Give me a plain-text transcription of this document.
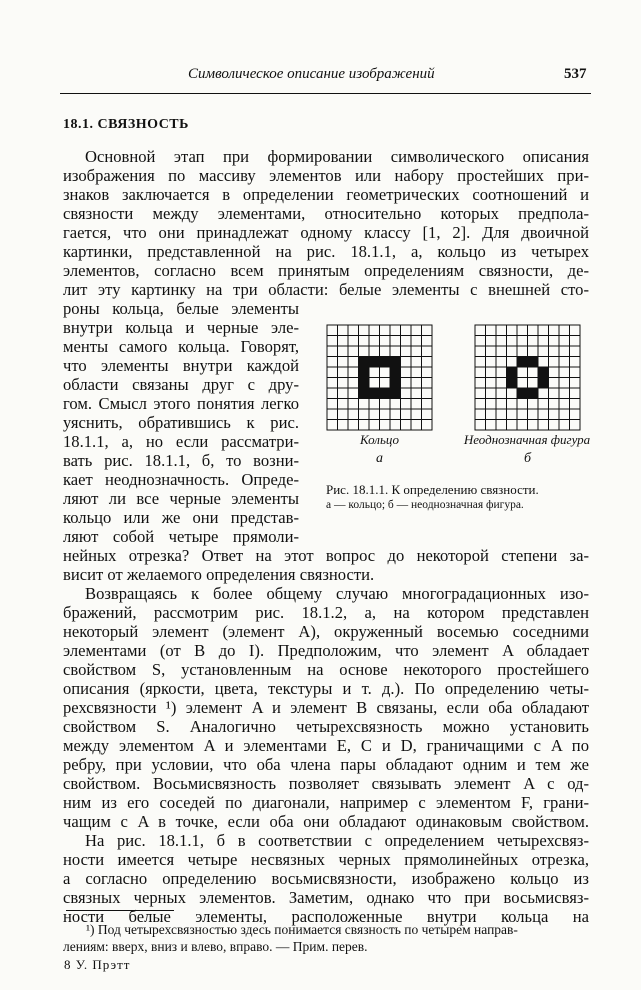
Символическое описание изображений	537
18.1. СВЯЗНОСТЬ
Основной этап при формировании символического описания
изображения по массиву элементов или набору простейших при-
знаков заключается в определении геометрических соотношений и
связности между элементами, относительно которых предпола-
гается, что они принадлежат одному классу [1, 2]. Для двоичной
картинки, представленной на рис. 18.1.1, а, кольцо из четырех
элементов, согласно всем принятым определениям связности, де-
лит эту картинку на три области: белые элементы с внешней сто-
роны кольца, белые элементы
внутри кольца и черные эле-
менты самого кольца. Говорят,
что элементы внутри каждой
области связаны друг с дру-
гом. Смысл этого понятия легко
уяснить, обратившись к рис.
18.1.1, а, но если рассматри-
вать рис. 18.1.1, б, то возни-
кает неоднозначность. Опреде-
ляют ли все черные элементы
кольцо или же они представ-
ляют собой четыре прямоли-
нейных отрезка? Ответ на этот вопрос до некоторой степени за-
висит от желаемого определения связности.
Возвращаясь к более общему случаю многоградационных изо-
бражений, рассмотрим рис. 18.1.2, а, на котором представлен
некоторый элемент (элемент A), окруженный восемью соседними
элементами (от B до I). Предположим, что элемент A обладает
свойством S, установленным на основе некоторого простейшего
описания (яркости, цвета, текстуры и т. д.). По определению четы-
рехсвязности ¹) элемент A и элемент B связаны, если оба обладают
свойством S. Аналогично четырехсвязность можно установить
между элементом A и элементами E, C и D, граничащими с A по
ребру, при условии, что оба члена пары обладают одним и тем же
свойством. Восьмисвязность позволяет связывать элемент A с од-
ним из его соседей по диагонали, например с элементом F, грани-
чащим с A в точке, если оба они обладают одинаковым свойством.
На рис. 18.1.1, б в соответствии с определением четырехсвяз-
ности имеется четыре несвязных черных прямолинейных отрезка,
а согласно определению восьмисвязности, изображено кольцо из
связных черных элементов. Заметим, однако что при восьмисвяз-
ности белые элементы, расположенные внутри кольца на
Кольцо
а
Неоднозначная фигура
б
Рис. 18.1.1. К определению связности.
а — кольцо; б — неоднозначная фигура.
¹) Под четырехсвязностью здесь понимается связность по четырем направ-
лениям: вверх, вниз и влево, вправо. — Прим. перев.
8 У. Прэтт
